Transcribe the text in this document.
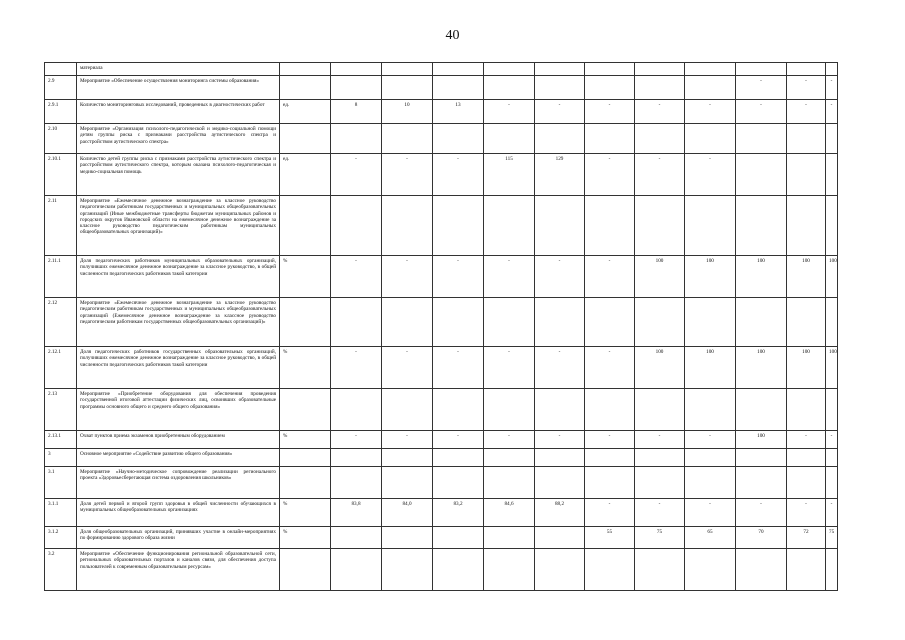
40
	материала														
2.9	Мероприятие «Обеспечение осуществления мониторинга системы образования»										-	-	-		
2.9.1	Количество мониторинговых исследований, проведенных в диагностических работ	ед.	8	10	13	-	-	-	-	-	-	-	-		
2.10	Мероприятие «Организация психолого-педагогической и медико-социальной помощи детям группы риска с признаками расстройства аутистического спектра и расстройством аутистического спектра»														
2.10.1	Количество детей группы риска с признаками расстройства аутистического спектра и расстройством аутистического спектра, которым оказана психолого-педагогическая и медико-социальная помощь	ед.	-	-	-	115	129	-	-	-					
2.11	Мероприятие «Ежемесячное денежное вознаграждение за классное руководство педагогическим работникам государственных и муниципальных общеобразовательных организаций (Иные межбюджетные трансферты бюджетам муниципальных районов и городских округов Ивановской области на ежемесячное денежное вознаграждение за классное руководство педагогическим работникам муниципальных общеобразовательных организаций)»														
2.11.1	Доля педагогических работников муниципальных образовательных организаций, получивших ежемесячное денежное вознаграждение за классное руководство, в общей численности педагогических работников такой категории	%	-	-	-	-	-	-	100	100	100	100	100		
2.12	Мероприятие «Ежемесячное денежное вознаграждение за классное руководство педагогическим работникам государственных и муниципальных общеобразовательных организаций (Ежемесячное денежное вознаграждение за классное руководство педагогическим работникам государственных общеобразовательных организаций)»														
2.12.1	Доля педагогических работников государственных образовательных организаций, получивших ежемесячное денежное вознаграждение за классное руководство, в общей численности педагогических работников такой категории	%	-	-	-	-	-	-	100	100	100	100	100		
2.13	Мероприятие «Приобретение оборудования для обеспечения проведения государственной итоговой аттестации физических лиц, освоивших образовательные программы основного общего и среднего общего образования»														
2.13.1	Охват пунктов приема экзаменов приобретенным оборудованием	%	-	-	-	-	-	-	-	-	100	-	-		
3	Основное мероприятие «Содействие развитию общего образования»														
3.1	Мероприятие «Научно-методическое сопровождение реализации регионального проекта «Здоровьесберегающая система оздоровления школьников»														
3.1.1	Доля детей первой и второй групп здоровья в общей численности обучающихся в муниципальных общеобразовательных организациях	%	83,8	84,0	83,2	84,6	88,2	-	-	-	-	-	-		
3.1.2	Доля общеобразовательных организаций, принявших участие в онлайн-мероприятиях по формированию здорового образа жизни	%						55	75	65	70	72	75		
3.2	Мероприятие «Обеспечение функционирования региональной образовательной сети, региональных образовательных порталов и каналов связи, для обеспечения доступа пользователей к современным образовательным ресурсам»														
